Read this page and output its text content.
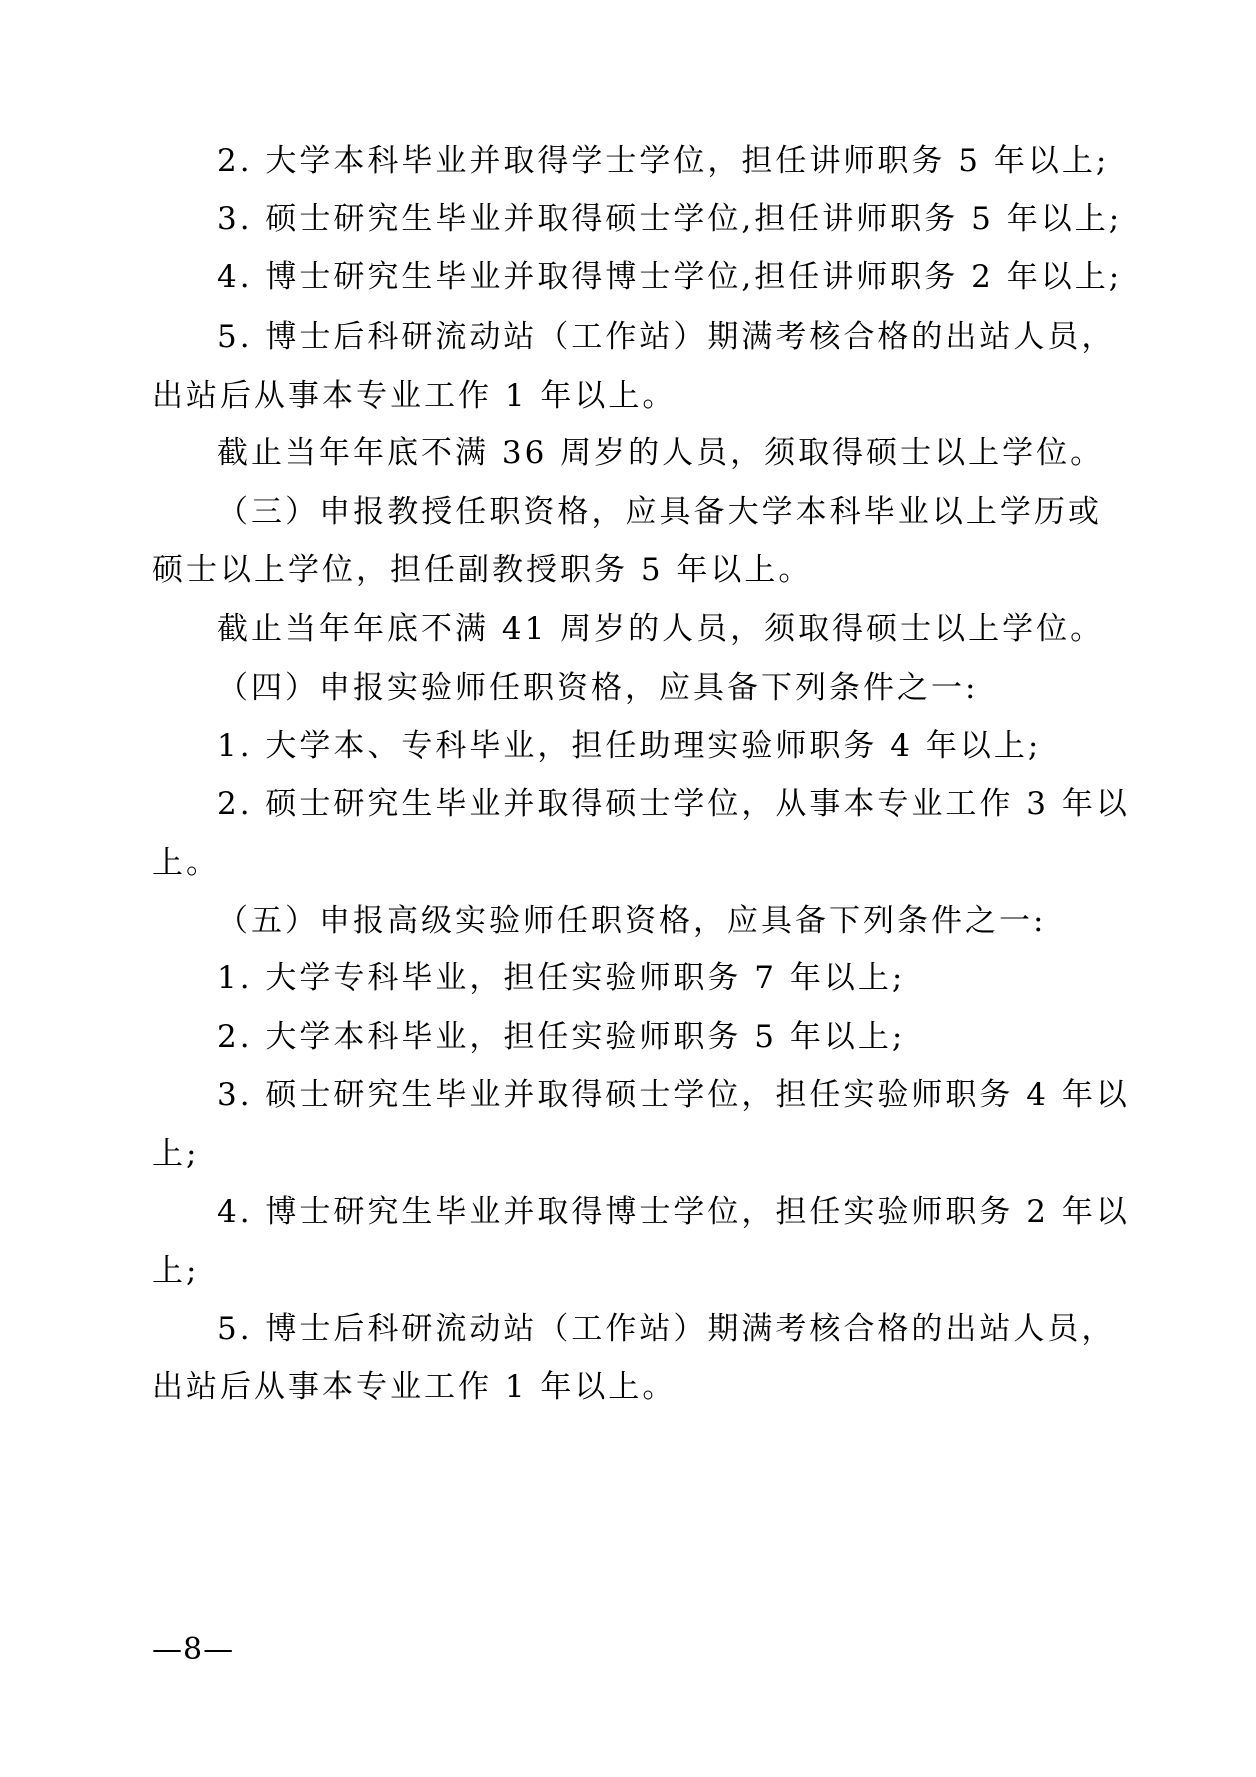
2. 大学本科毕业并取得学士学位，担任讲师职务 5 年以上;
3. 硕士研究生毕业并取得硕士学位,担任讲师职务 5 年以上;
4. 博士研究生毕业并取得博士学位,担任讲师职务 2 年以上;
5. 博士后科研流动站（工作站）期满考核合格的出站人员，
出站后从事本专业工作 1 年以上。
截止当年年底不满 36 周岁的人员，须取得硕士以上学位。
（三）申报教授任职资格，应具备大学本科毕业以上学历或
硕士以上学位，担任副教授职务 5 年以上。
截止当年年底不满 41 周岁的人员，须取得硕士以上学位。
（四）申报实验师任职资格，应具备下列条件之一:
1. 大学本、专科毕业，担任助理实验师职务 4 年以上;
2. 硕士研究生毕业并取得硕士学位，从事本专业工作 3 年以
上。
（五）申报高级实验师任职资格，应具备下列条件之一:
1. 大学专科毕业，担任实验师职务 7 年以上;
2. 大学本科毕业，担任实验师职务 5 年以上;
3. 硕士研究生毕业并取得硕士学位，担任实验师职务 4 年以
上;
4. 博士研究生毕业并取得博士学位，担任实验师职务 2 年以
上;
5. 博士后科研流动站（工作站）期满考核合格的出站人员，
出站后从事本专业工作 1 年以上。
—8—
